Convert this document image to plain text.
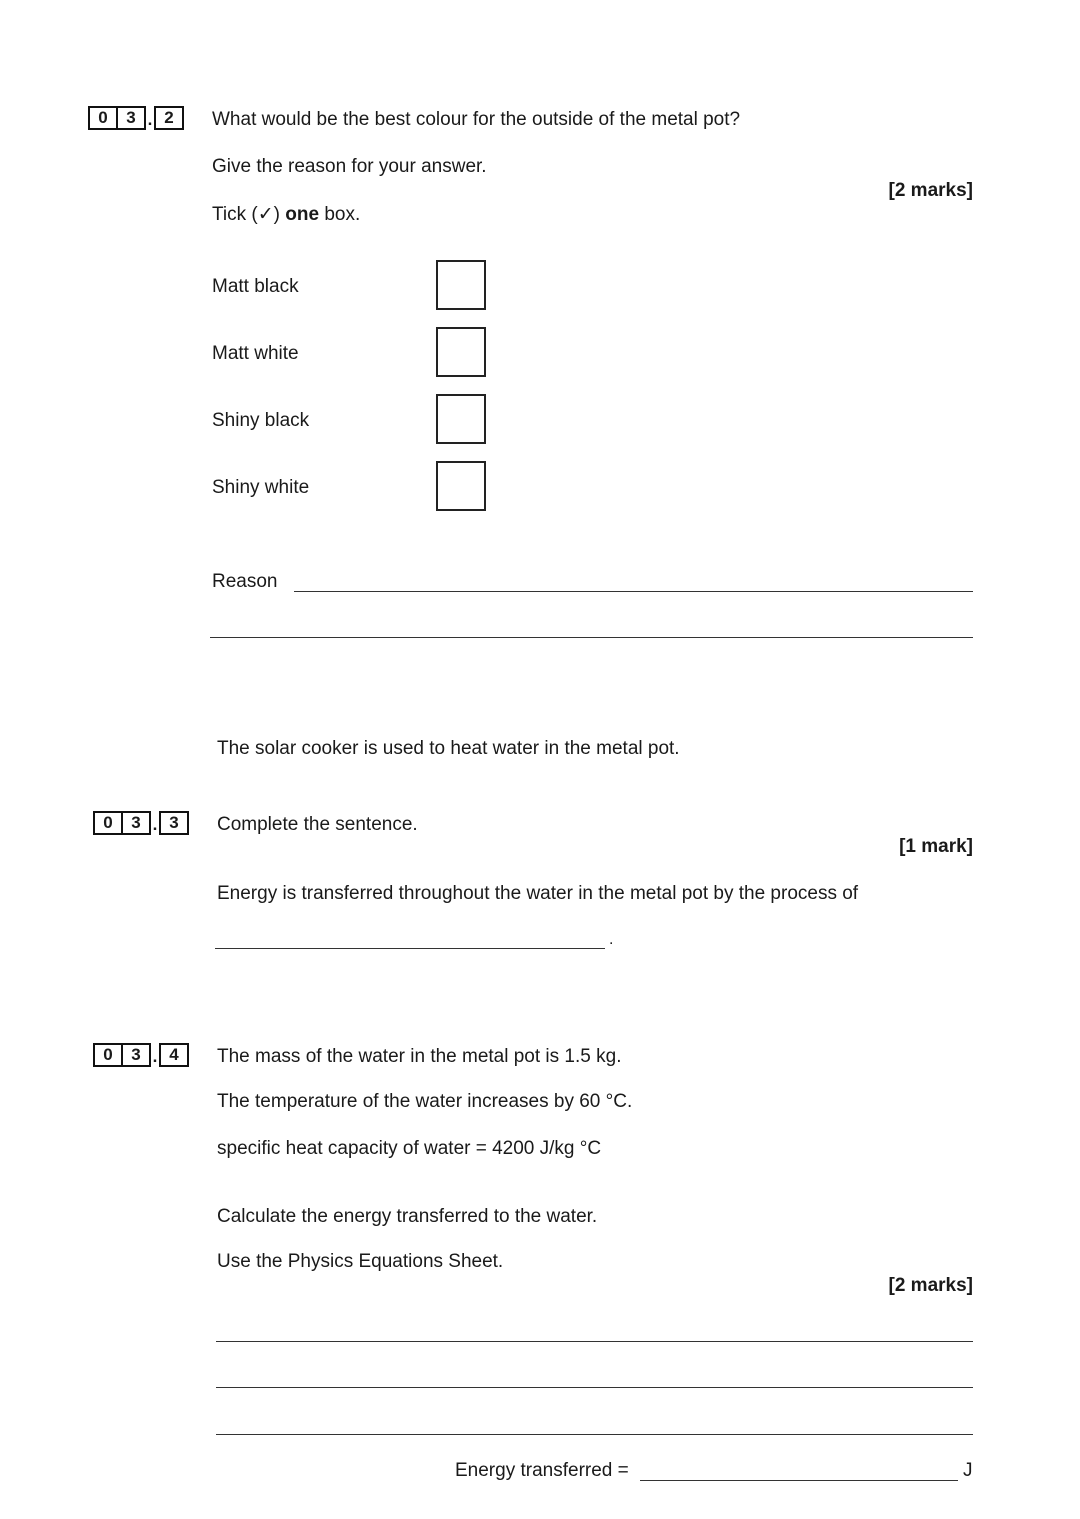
0	3 . 2	What would be the best colour for the outside of the metal pot?
Give the reason for your answer.
[2 marks]
Tick (✓) one box.
Matt black
Matt white
Shiny black
Shiny white
Reason
The solar cooker is used to heat water in the metal pot.
0	3 . 3	Complete the sentence.
[1 mark]
Energy is transferred throughout the water in the metal pot by the process of
.
0	3 . 4	The mass of the water in the metal pot is 1.5 kg.
The temperature of the water increases by 60 °C.
specific heat capacity of water = 4200 J/kg °C
Calculate the energy transferred to the water.
Use the Physics Equations Sheet.
[2 marks]
Energy transferred =	J
